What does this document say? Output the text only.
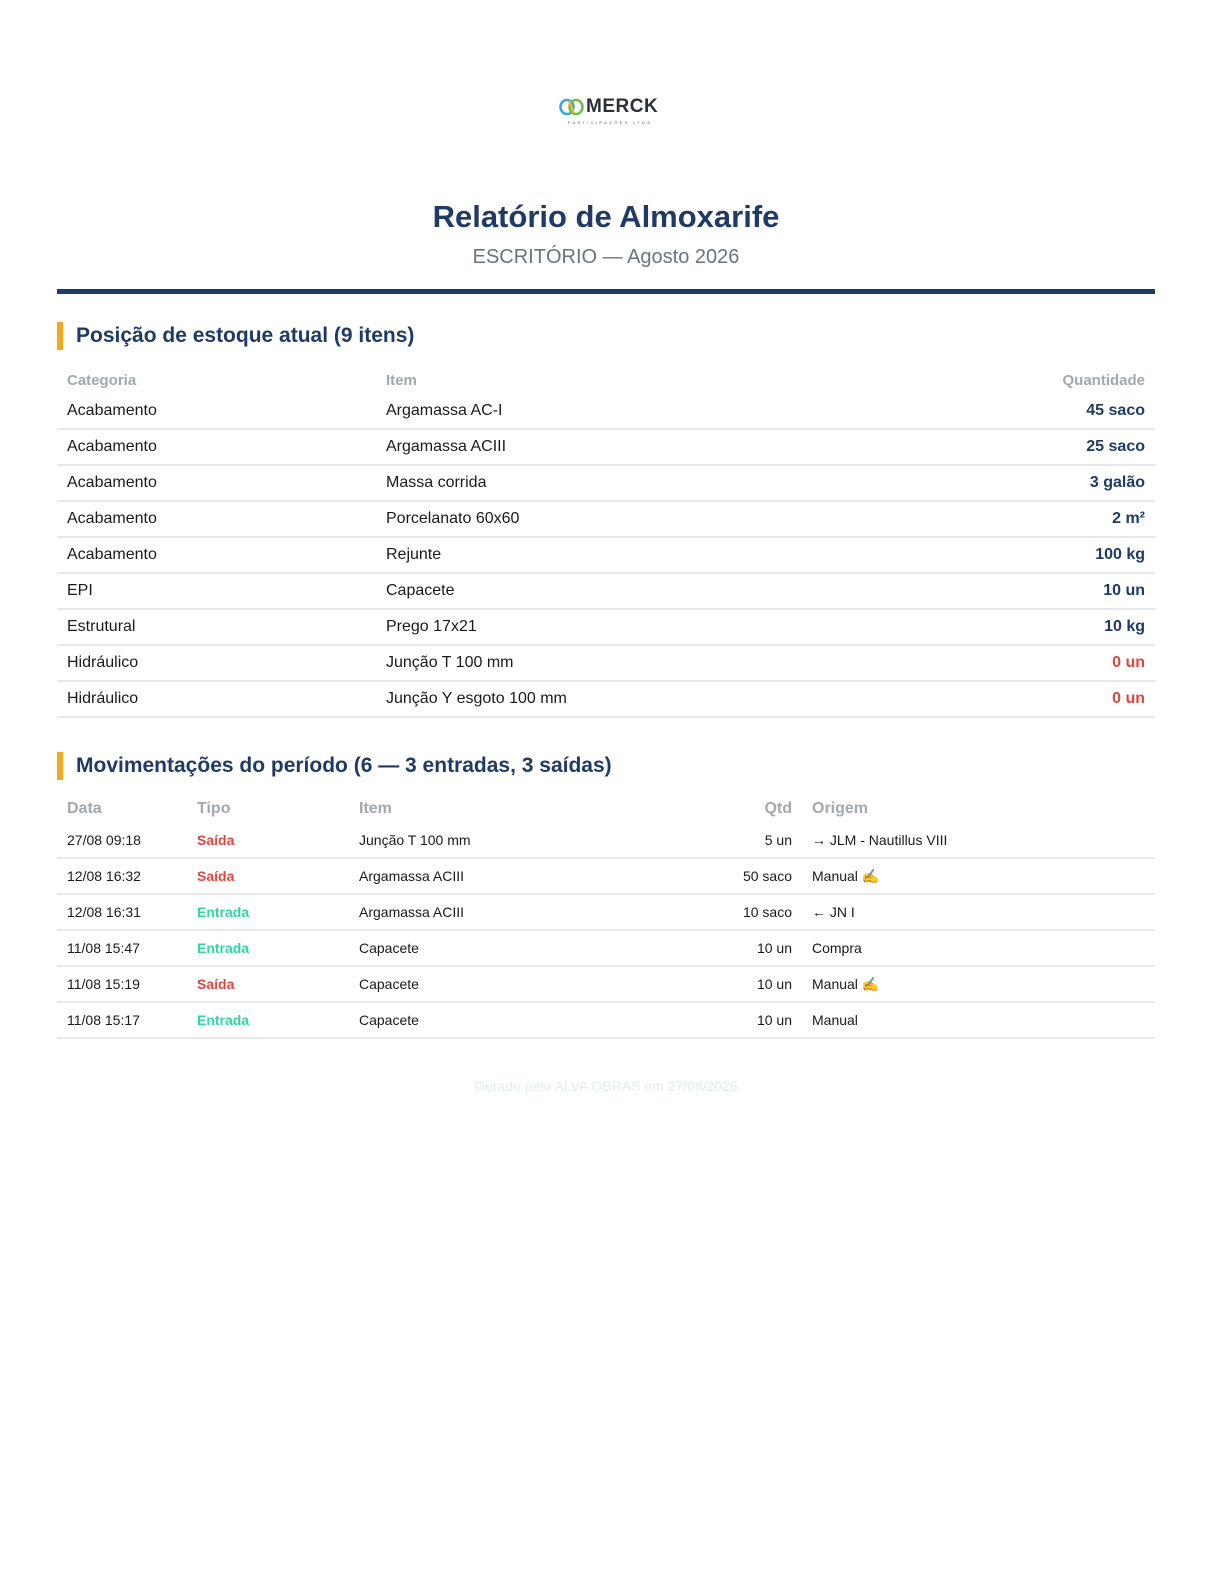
MERCK
PARTICIPAÇÕES LTDA
Relatório de Almoxarife
ESCRITÓRIO — Agosto 2026
Posição de estoque atual (9 itens)
Categoria	Item	Quantidade
Acabamento	Argamassa AC-I	45 saco
Acabamento	Argamassa ACIII	25 saco
Acabamento	Massa corrida	3 galão
Acabamento	Porcelanato 60x60	2 m²
Acabamento	Rejunte	100 kg
EPI	Capacete	10 un
Estrutural	Prego 17x21	10 kg
Hidráulico	Junção T 100 mm	0 un
Hidráulico	Junção Y esgoto 100 mm	0 un
Movimentações do período (6 — 3 entradas, 3 saídas)
Data	Tipo	Item	Qtd	Origem
27/08 09:18	Saída	Junção T 100 mm	5 un	→ JLM - Nautillus VIII
12/08 16:32	Saída	Argamassa ACIII	50 saco	Manual ✍️
12/08 16:31	Entrada	Argamassa ACIII	10 saco	← JN I
11/08 15:47	Entrada	Capacete	10 un	Compra
11/08 15:19	Saída	Capacete	10 un	Manual ✍️
11/08 15:17	Entrada	Capacete	10 un	Manual
Gerado pelo ALVA OBRAS em 27/08/2026
